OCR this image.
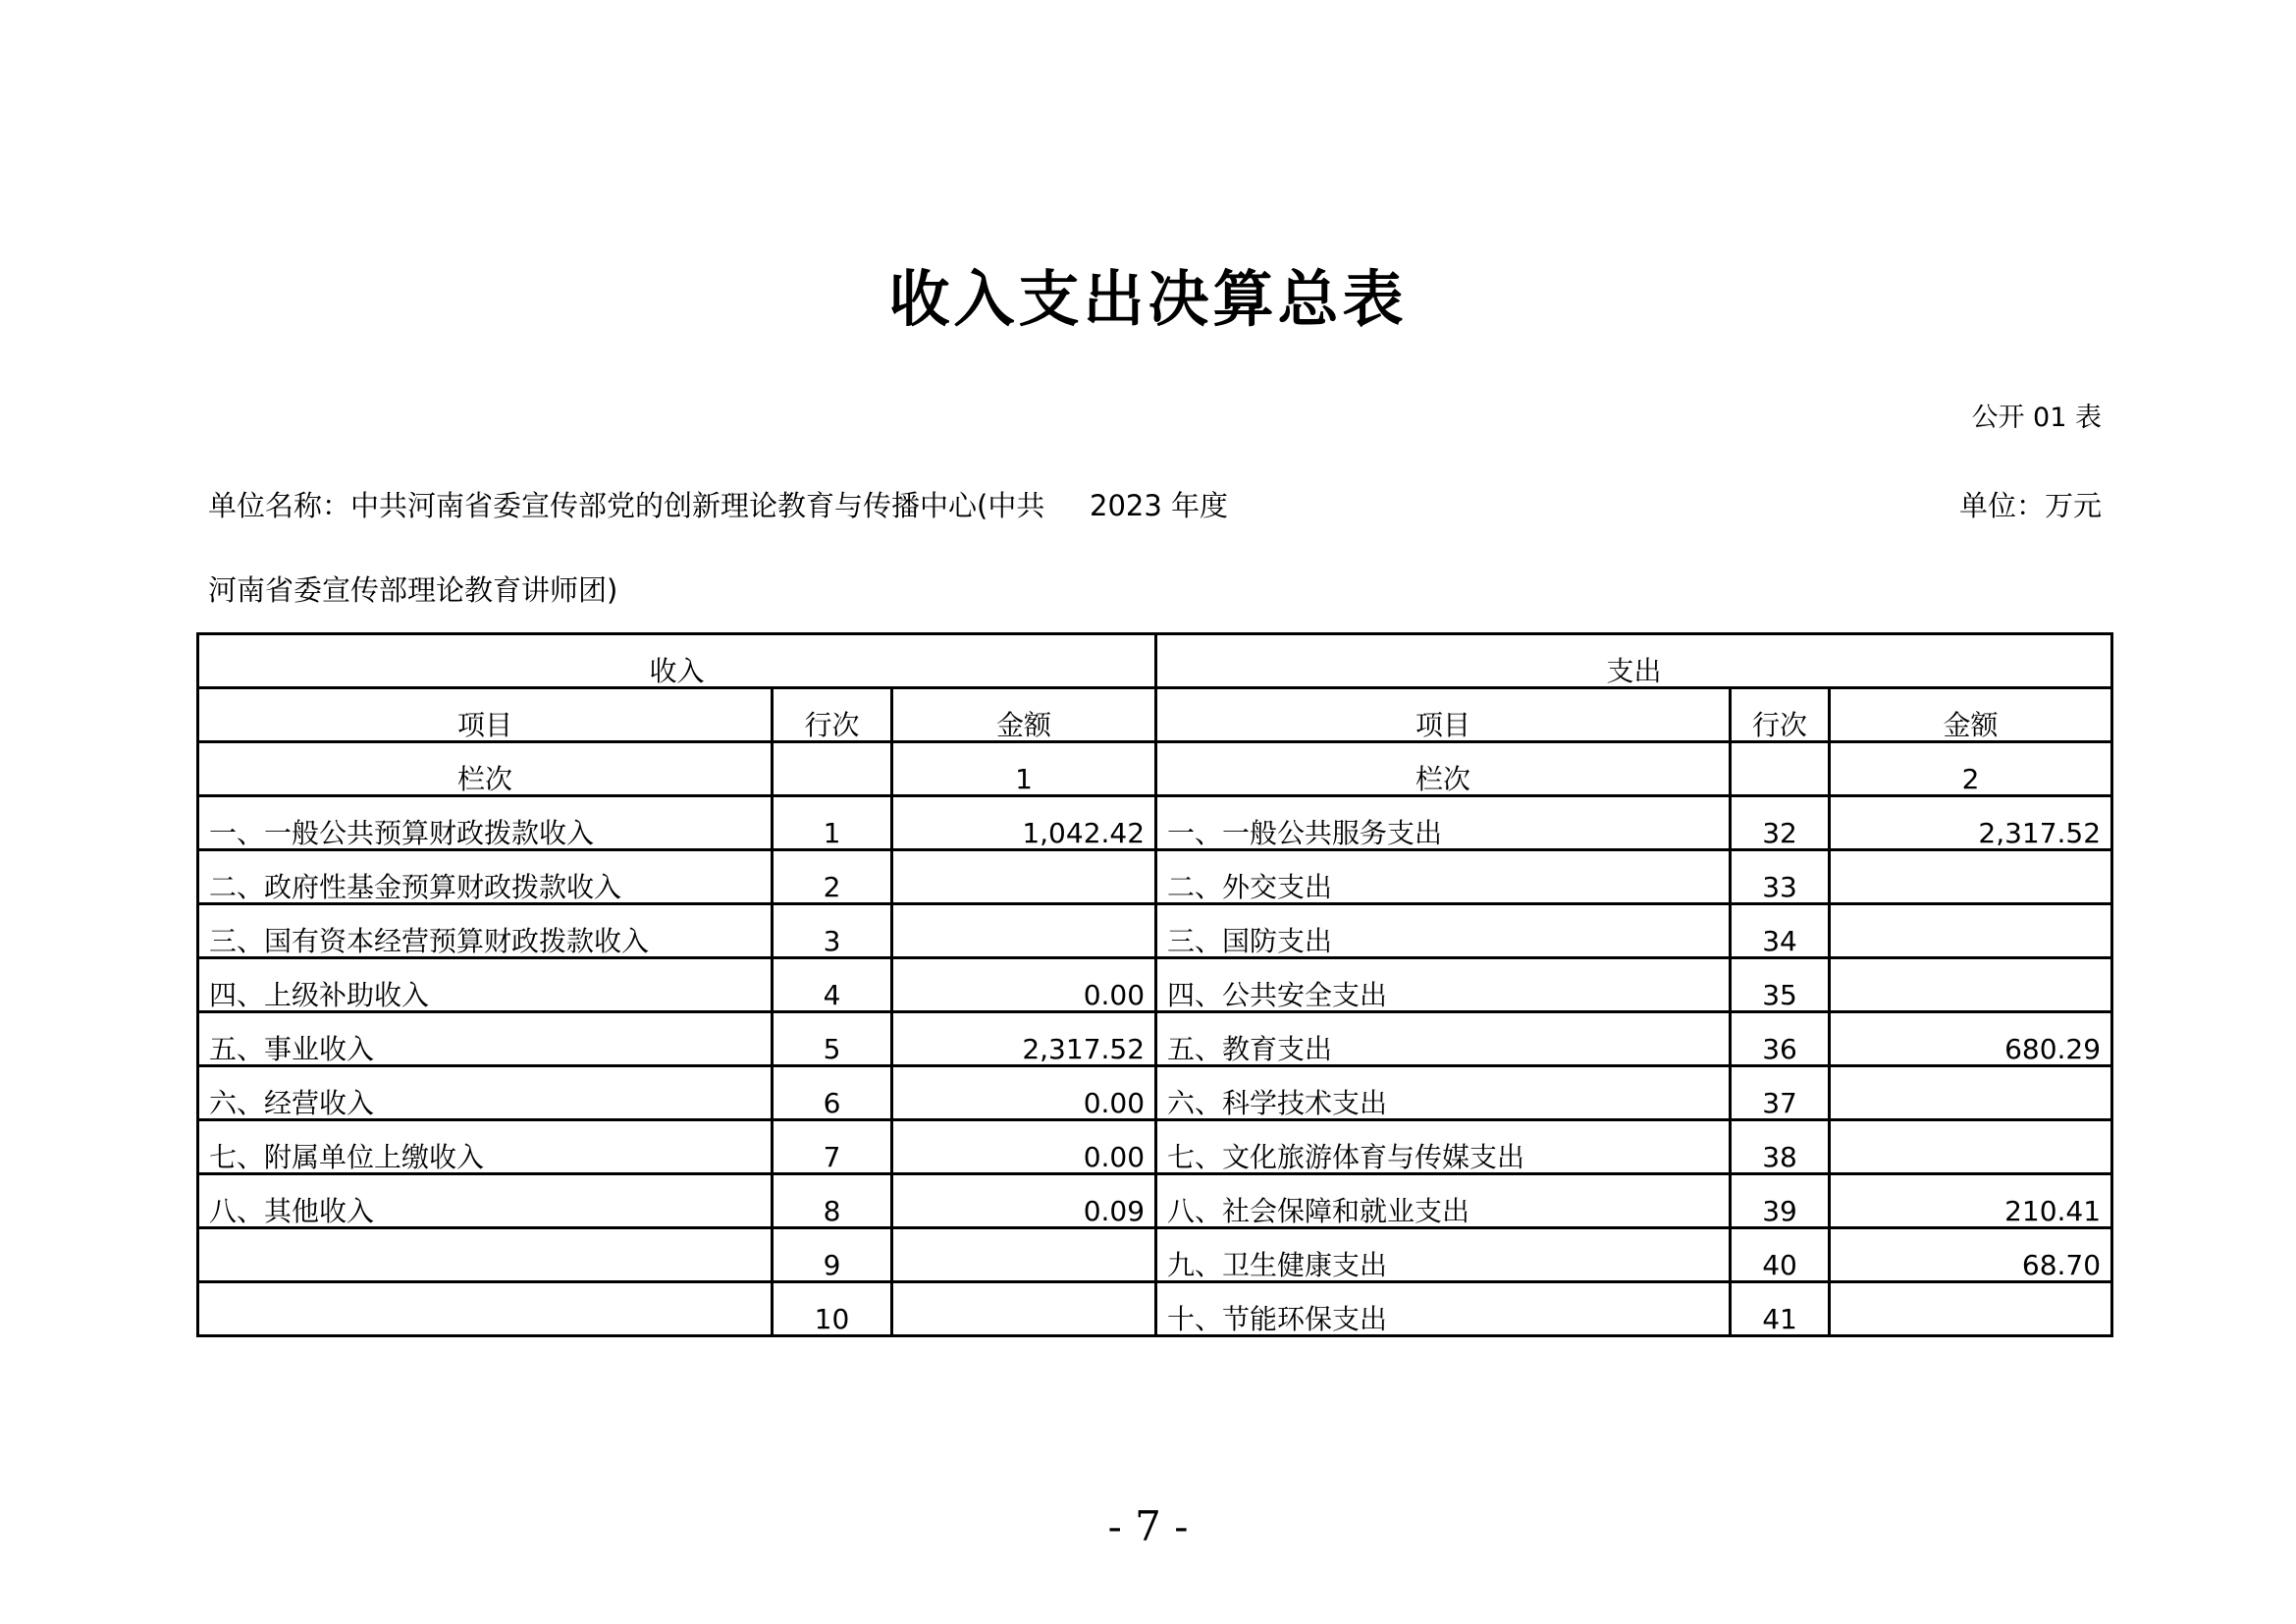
收入支出决算总表
公开 01 表
单位名称：中共河南省委宣传部党的创新理论教育与传播中心(中共 2023 年度	单位：万元
河南省委宣传部理论教育讲师团)
收入			支出		
项目	行次	金额	项目	行次	金额
栏次		1	栏次		2
一、一般公共预算财政拨款收入	1	1,042.42	一、一般公共服务支出	32	2,317.52
二、政府性基金预算财政拨款收入	2		二、外交支出	33	
三、国有资本经营预算财政拨款收入	3		三、国防支出	34	
四、上级补助收入	4	0.00	四、公共安全支出	35	
五、事业收入	5	2,317.52	五、教育支出	36	680.29
六、经营收入	6	0.00	六、科学技术支出	37	
七、附属单位上缴收入	7	0.00	七、文化旅游体育与传媒支出	38	
八、其他收入	8	0.09	八、社会保障和就业支出	39	210.41
	9		九、卫生健康支出	40	68.70
	10		十、节能环保支出	41	
- 7 -
